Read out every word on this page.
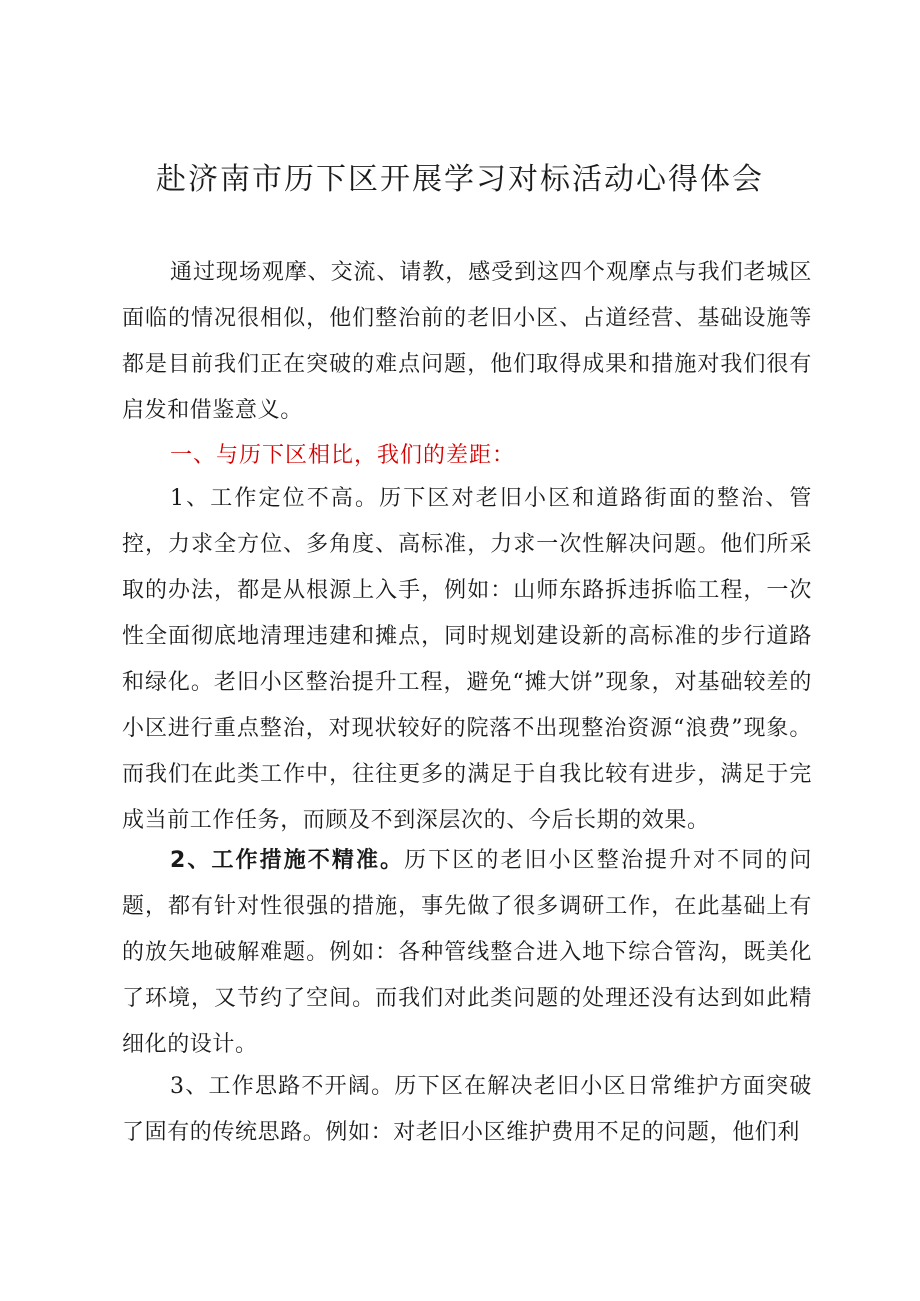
赴济南市历下区开展学习对标活动心得体会

通过现场观摩、交流、请教，感受到这四个观摩点与我们老城区面临的情况很相似，他们整治前的老旧小区、占道经营、基础设施等都是目前我们正在突破的难点问题，他们取得成果和措施对我们很有启发和借鉴意义。

一、与历下区相比，我们的差距：

1、工作定位不高。历下区对老旧小区和道路街面的整治、管控，力求全方位、多角度、高标准，力求一次性解决问题。他们所采取的办法，都是从根源上入手，例如：山师东路拆违拆临工程，一次性全面彻底地清理违建和摊点，同时规划建设新的高标准的步行道路和绿化。老旧小区整治提升工程，避免“摊大饼”现象，对基础较差的小区进行重点整治，对现状较好的院落不出现整治资源“浪费”现象。而我们在此类工作中，往往更多的满足于自我比较有进步，满足于完成当前工作任务，而顾及不到深层次的、今后长期的效果。

2、工作措施不精准。历下区的老旧小区整治提升对不同的问题，都有针对性很强的措施，事先做了很多调研工作，在此基础上有的放矢地破解难题。例如：各种管线整合进入地下综合管沟，既美化了环境，又节约了空间。而我们对此类问题的处理还没有达到如此精细化的设计。

3、工作思路不开阔。历下区在解决老旧小区日常维护方面突破了固有的传统思路。例如：对老旧小区维护费用不足的问题，他们利
